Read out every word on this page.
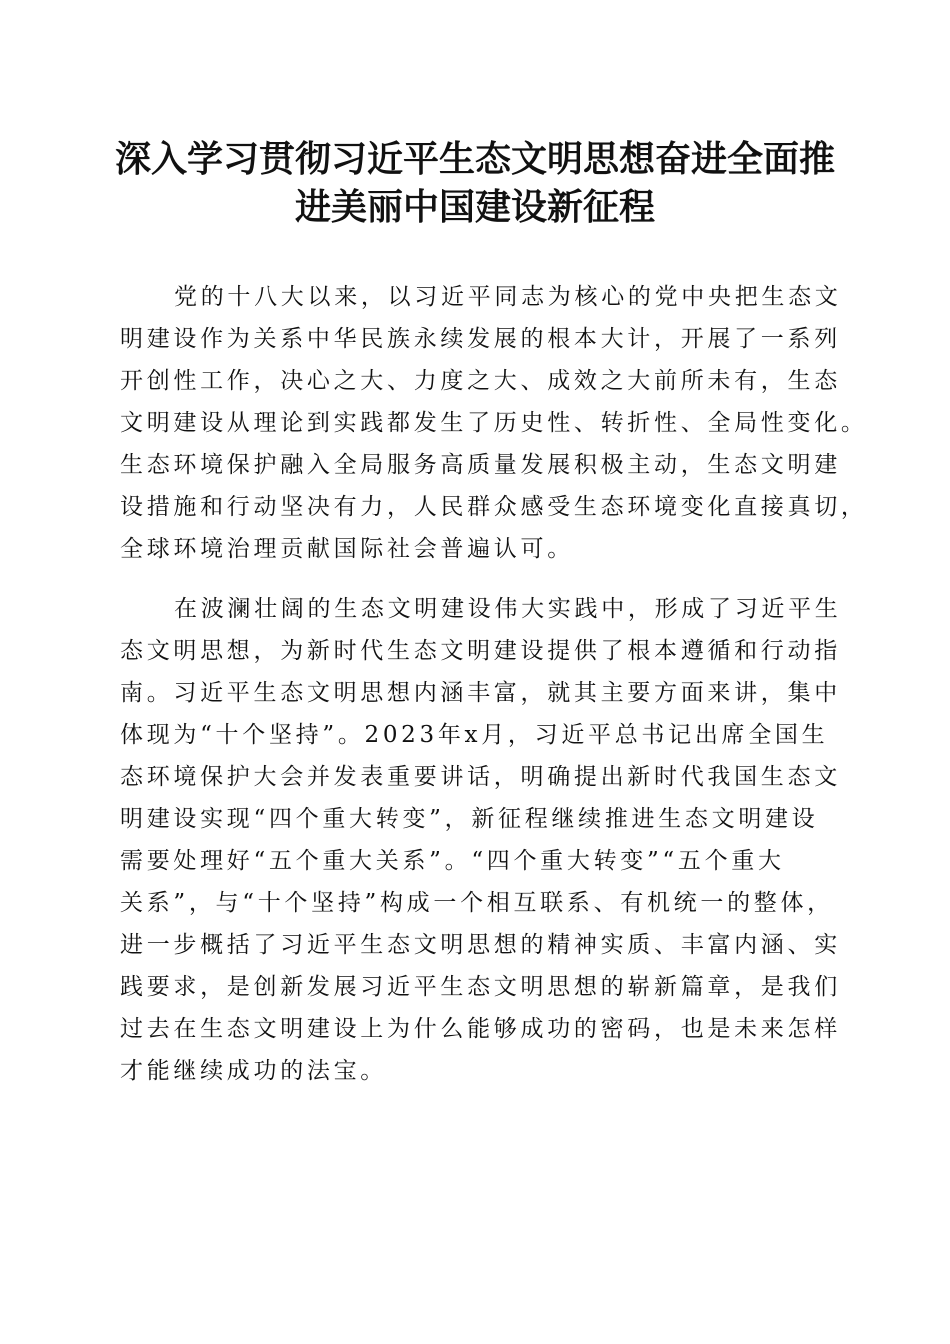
深入学习贯彻习近平生态文明思想奋进全面推
进美丽中国建设新征程
党的十八大以来，以习近平同志为核心的党中央把生态文
明建设作为关系中华民族永续发展的根本大计，开展了一系列
开创性工作，决心之大、力度之大、成效之大前所未有，生态
文明建设从理论到实践都发生了历史性、转折性、全局性变化。
生态环境保护融入全局服务高质量发展积极主动，生态文明建
设措施和行动坚决有力，人民群众感受生态环境变化直接真切，
全球环境治理贡献国际社会普遍认可。
在波澜壮阔的生态文明建设伟大实践中，形成了习近平生
态文明思想，为新时代生态文明建设提供了根本遵循和行动指
南。习近平生态文明思想内涵丰富，就其主要方面来讲，集中
体现为“十个坚持”。2023年x月，习近平总书记出席全国生
态环境保护大会并发表重要讲话，明确提出新时代我国生态文
明建设实现“四个重大转变”，新征程继续推进生态文明建设
需要处理好“五个重大关系”。“四个重大转变”“五个重大
关系”，与“十个坚持”构成一个相互联系、有机统一的整体，
进一步概括了习近平生态文明思想的精神实质、丰富内涵、实
践要求，是创新发展习近平生态文明思想的崭新篇章，是我们
过去在生态文明建设上为什么能够成功的密码，也是未来怎样
才能继续成功的法宝。
